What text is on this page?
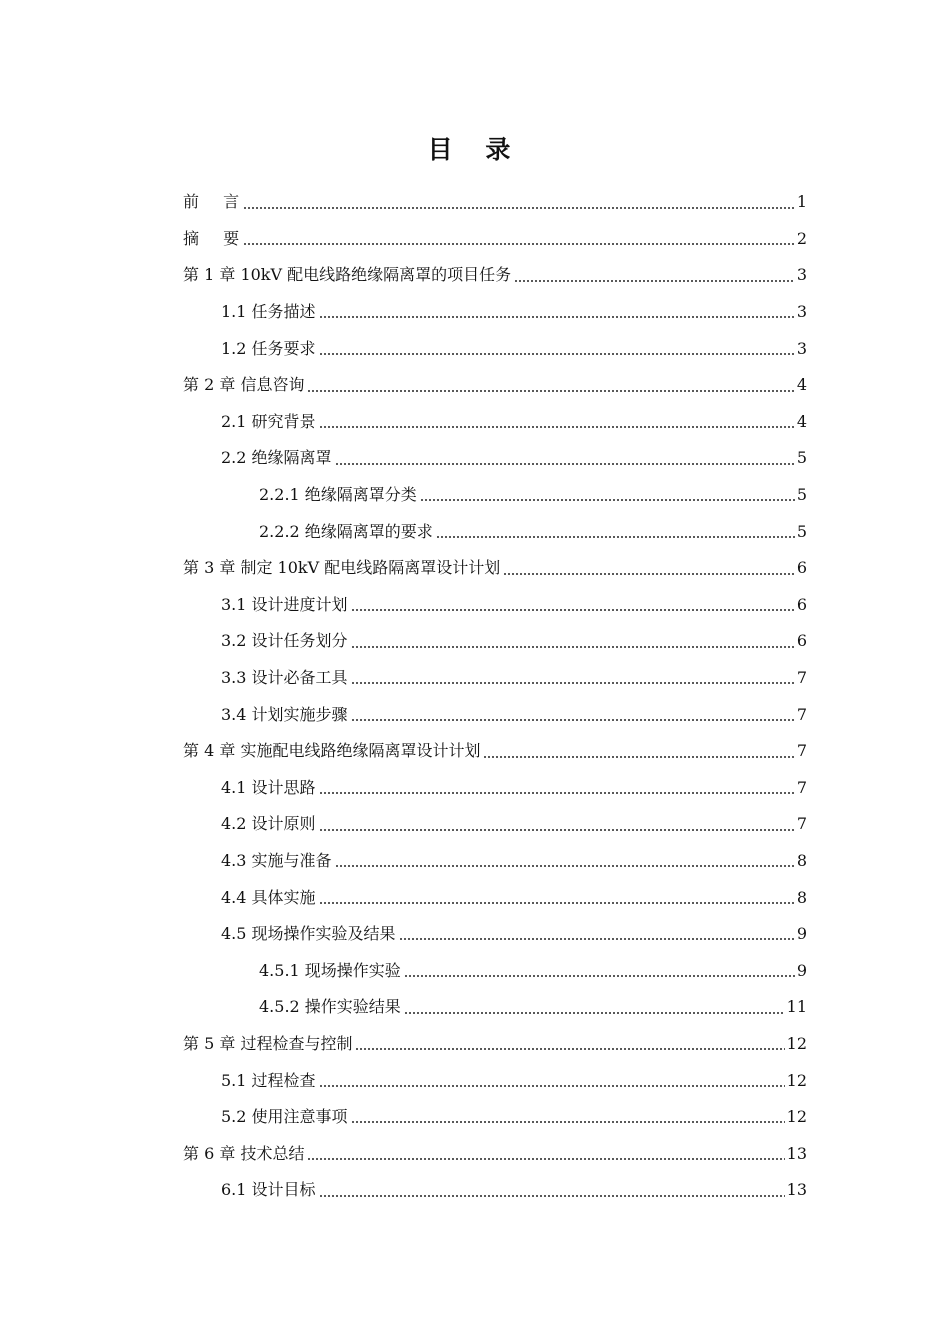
目 录
前　 言	1
摘　 要	2
第 1 章 10kV 配电线路绝缘隔离罩的项目任务	3
1.1 任务描述	3
1.2 任务要求	3
第 2 章 信息咨询	4
2.1 研究背景	4
2.2 绝缘隔离罩	5
2.2.1 绝缘隔离罩分类	5
2.2.2 绝缘隔离罩的要求	5
第 3 章 制定 10kV 配电线路隔离罩设计计划	6
3.1 设计进度计划	6
3.2 设计任务划分	6
3.3 设计必备工具	7
3.4 计划实施步骤	7
第 4 章 实施配电线路绝缘隔离罩设计计划	7
4.1 设计思路	7
4.2 设计原则	7
4.3 实施与准备	8
4.4 具体实施	8
4.5 现场操作实验及结果	9
4.5.1 现场操作实验	9
4.5.2 操作实验结果	11
第 5 章 过程检查与控制	12
5.1 过程检查	12
5.2 使用注意事项	12
第 6 章 技术总结	13
6.1 设计目标	13
